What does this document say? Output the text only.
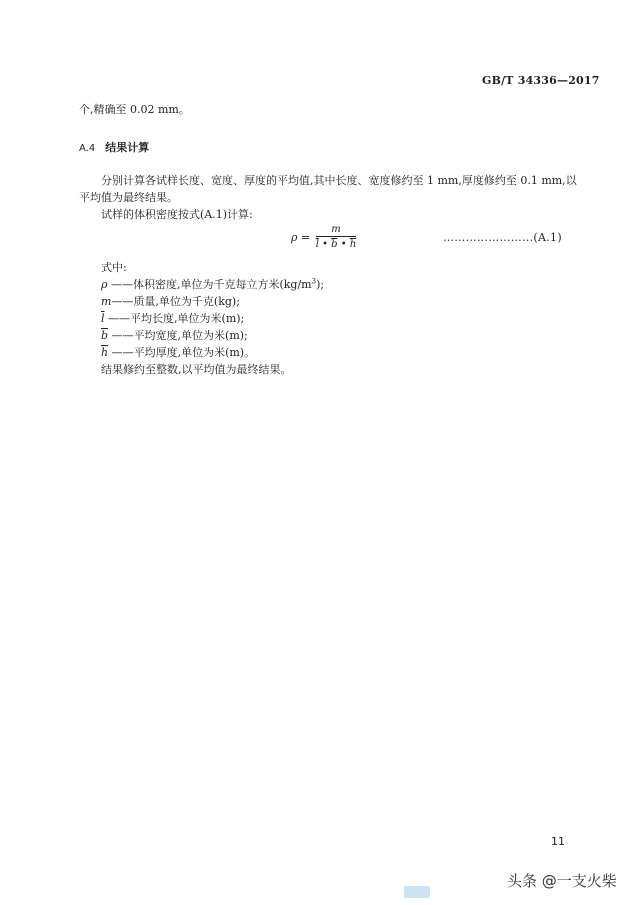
GB/T 34336—2017
个,精确至 0.02 mm。
A.4 结果计算
分别计算各试样长度、宽度、厚度的平均值,其中长度、宽度修约至 1 mm,厚度修约至 0.1 mm,以平均值为最终结果。
试样的体积密度按式(A.1)计算:
$\rho = \frac{m}{\overline{l} • \overline{b} • \overline{h}}$	……………………(A.1)
式中:
ρ ——体积密度,单位为千克每立方米$(kg/m^3)$;
m——质量,单位为千克(kg);
$\overline{l}$ ——平均长度,单位为米(m);
$\overline{b}$ ——平均宽度,单位为米(m);
$\overline{h}$ ——平均厚度,单位为米(m)。
结果修约至整数,以平均值为最终结果。
11
头条 @一支火柴
